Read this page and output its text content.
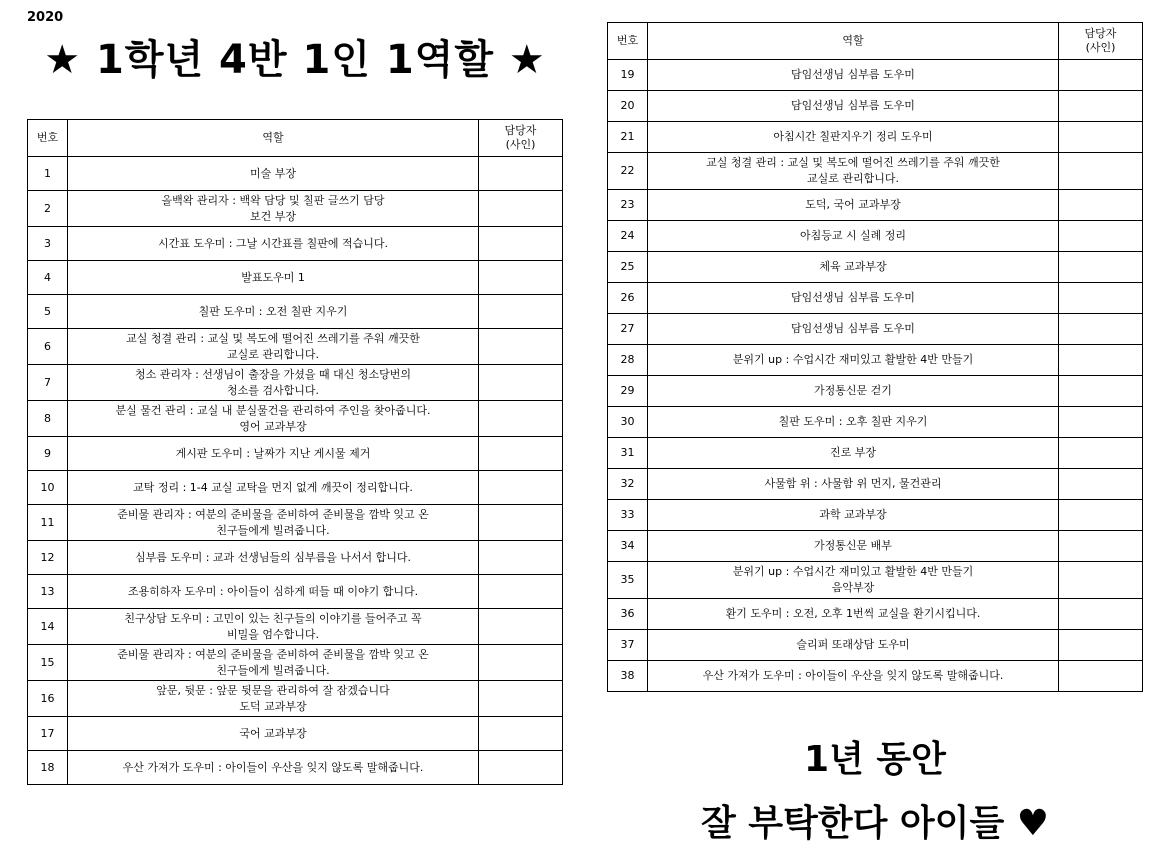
2020
★ 1학년 4반 1인 1역할 ★
번호	역할	담당자
(사인)

1	미술 부장	
2	올백왁 관리자 : 백왁 담당 및 칠판 글쓰기 담당
보건 부장	
3	시간표 도우미 : 그날 시간표를 칠판에 적습니다.	
4	발표도우미 1	
5	칠판 도우미 : 오전 칠판 지우기	
6	교실 청결 관리 : 교실 및 복도에 떨어진 쓰레기를 주워 깨끗한
교실로 관리합니다.	
7	청소 관리자 : 선생님이 출장을 가셨을 때 대신 청소당번의
청소를 검사합니다.	
8	분실 물건 관리 : 교실 내 분실물건을 관리하여 주인을 찾아줍니다.
영어 교과부장	
9	게시판 도우미 : 날짜가 지난 게시물 제거	
10	교탁 정리 : 1-4 교실 교탁을 먼지 없게 깨끗이 정리합니다.	
11	준비물 관리자 : 여분의 준비물을 준비하여 준비물을 깜박 잊고 온
친구들에게 빌려줍니다.	
12	심부름 도우미 : 교과 선생님들의 심부름을 나서서 합니다.	
13	조용히하자 도우미 : 아이들이 심하게 떠들 때 이야기 합니다.	
14	친구상담 도우미 : 고민이 있는 친구들의 이야기를 들어주고 꼭
비밀을 엄수합니다.	
15	준비물 관리자 : 여분의 준비물을 준비하여 준비물을 깜박 잊고 온
친구들에게 빌려줍니다.	
16	앞문, 뒷문 : 앞문 뒷문을 관리하여 잘 잠겠습니다
도덕 교과부장	
17	국어 교과부장	
18	우산 가져가 도우미 : 아이들이 우산을 잊지 않도록 말해줍니다.	
번호	역할	담당자
(사인)

19	담임선생님 심부름 도우미	
20	담임선생님 심부름 도우미	
21	아침시간 칠판지우기 정리 도우미	
22	교실 청결 관리 : 교실 및 복도에 떨어진 쓰레기를 주워 깨끗한
교실로 관리합니다.	
23	도덕, 국어 교과부장	
24	아침등교 시 실례 정리	
25	체육 교과부장	
26	담임선생님 심부름 도우미	
27	담임선생님 심부름 도우미	
28	분위기 up : 수업시간 재미있고 활발한 4반 만들기	
29	가정통신문 걷기	
30	칠판 도우미 : 오후 칠판 지우기	
31	진로 부장	
32	사물함 위 : 사물함 위 먼지, 물건관리	
33	과학 교과부장	
34	가정통신문 배부	
35	분위기 up : 수업시간 재미있고 활발한 4반 만들기
음악부장	
36	환기 도우미 : 오전, 오후 1번씩 교실을 환기시킵니다.	
37	슬리퍼 또래상담 도우미	
38	우산 가져가 도우미 : 아이들이 우산을 잊지 않도록 말해줍니다.	
1년 동안
잘 부탁한다 아이들 ♥
